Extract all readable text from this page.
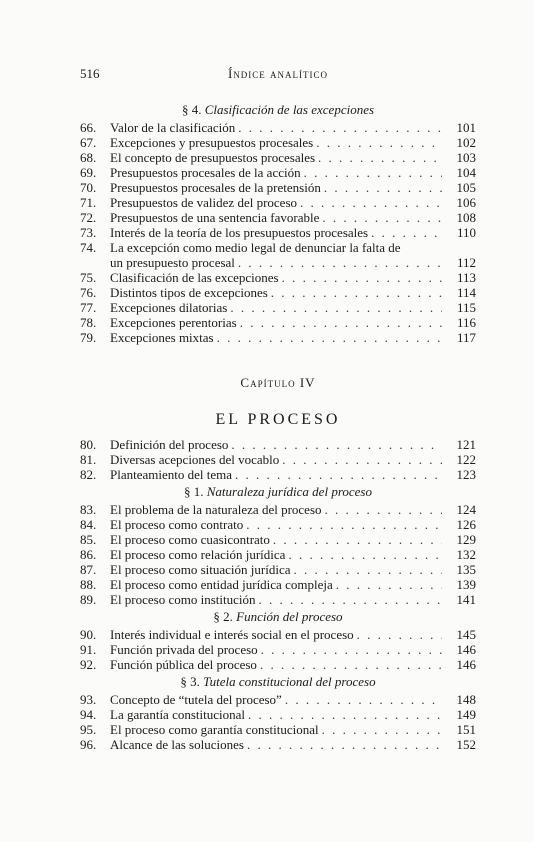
516	Índice analítico
§ 4. Clasificación de las excepciones
66.	Valor de la clasificación . . .	101
67.	Excepciones y presupuestos procesales . . .	102
68.	El concepto de presupuestos procesales . . .	103
69.	Presupuestos procesales de la acción . . .	104
70.	Presupuestos procesales de la pretensión . . .	105
71.	Presupuestos de validez del proceso . . .	106
72.	Presupuestos de una sentencia favorable . . .	108
73.	Interés de la teoría de los presupuestos procesales . . .	110
74.	La excepción como medio legal de denunciar la falta de
un presupuesto procesal . . .	112
75.	Clasificación de las excepciones . . .	113
76.	Distintos tipos de excepciones . . .	114
77.	Excepciones dilatorias . . .	115
78.	Excepciones perentorias . . .	116
79.	Excepciones mixtas . . .	117
Capítulo IV
EL PROCESO
80.	Definición del proceso . . .	121
81.	Diversas acepciones del vocablo . . .	122
82.	Planteamiento del tema . . .	123
§ 1. Naturaleza jurídica del proceso
83.	El problema de la naturaleza del proceso . . .	124
84.	El proceso como contrato . . .	126
85.	El proceso como cuasicontrato . . .	129
86.	El proceso como relación jurídica . . .	132
87.	El proceso como situación jurídica . . .	135
88.	El proceso como entidad jurídica compleja . . .	139
89.	El proceso como institución . . .	141
§ 2. Función del proceso
90.	Interés individual e interés social en el proceso . . .	145
91.	Función privada del proceso . . .	146
92.	Función pública del proceso . . .	146
§ 3. Tutela constitucional del proceso
93.	Concepto de “tutela del proceso” . . .	148
94.	La garantía constitucional . . .	149
95.	El proceso como garantía constitucional . . .	151
96.	Alcance de las soluciones . . .	152
